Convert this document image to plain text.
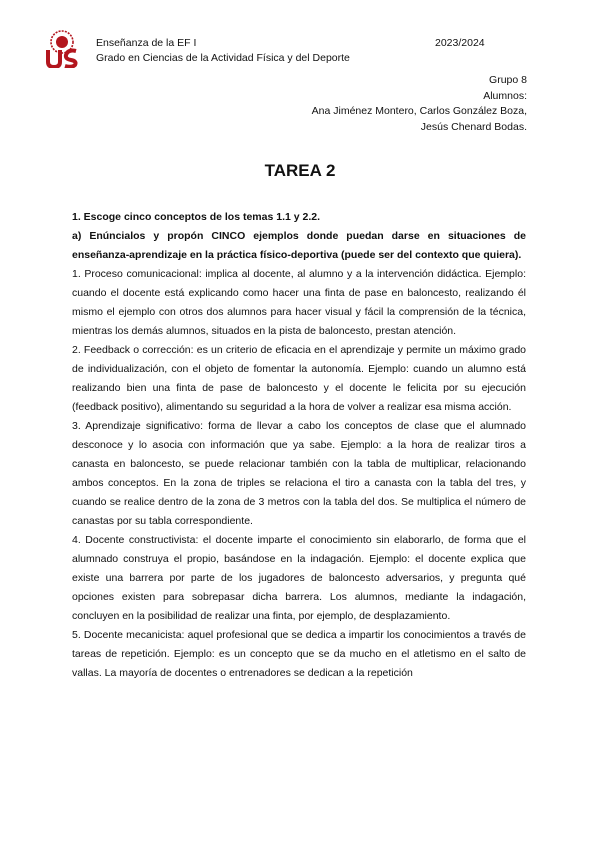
Enseñanza de la EF I
Grado en Ciencias de la Actividad Física y del Deporte
2023/2024
Grupo 8
Alumnos:
Ana Jiménez Montero, Carlos González Boza,
Jesús Chenard Bodas.
TAREA 2

1. Escoge cinco conceptos de los temas 1.1 y 2.2.

a) Enúncialos y propón CINCO ejemplos donde puedan darse en situaciones de enseñanza-aprendizaje en la práctica físico-deportiva (puede ser del contexto que quiera).

1. Proceso comunicacional: implica al docente, al alumno y a la intervención didáctica. Ejemplo: cuando el docente está explicando como hacer una finta de pase en baloncesto, realizando él mismo el ejemplo con otros dos alumnos para hacer visual y fácil la comprensión de la técnica, mientras los demás alumnos, situados en la pista de baloncesto, prestan atención.

2. Feedback o corrección: es un criterio de eficacia en el aprendizaje y permite un máximo grado de individualización, con el objeto de fomentar la autonomía. Ejemplo: cuando un alumno está realizando bien una finta de pase de baloncesto y el docente le felicita por su ejecución (feedback positivo), alimentando su seguridad a la hora de volver a realizar esa misma acción.

3. Aprendizaje significativo: forma de llevar a cabo los conceptos de clase que el alumnado desconoce y lo asocia con información que ya sabe. Ejemplo: a la hora de realizar tiros a canasta en baloncesto, se puede relacionar también con la tabla de multiplicar, relacionando ambos conceptos. En la zona de triples se relaciona el tiro a canasta con la tabla del tres, y cuando se realice dentro de la zona de 3 metros con la tabla del dos. Se multiplica el número de canastas por su tabla correspondiente.

4. Docente constructivista: el docente imparte el conocimiento sin elaborarlo, de forma que el alumnado construya el propio, basándose en la indagación. Ejemplo: el docente explica que existe una barrera por parte de los jugadores de baloncesto adversarios, y pregunta qué opciones existen para sobrepasar dicha barrera. Los alumnos, mediante la indagación, concluyen en la posibilidad de realizar una finta, por ejemplo, de desplazamiento.

5. Docente mecanicista: aquel profesional que se dedica a impartir los conocimientos a través de tareas de repetición. Ejemplo: es un concepto que se da mucho en el atletismo en el salto de vallas. La mayoría de docentes o entrenadores se dedican a la repetición
